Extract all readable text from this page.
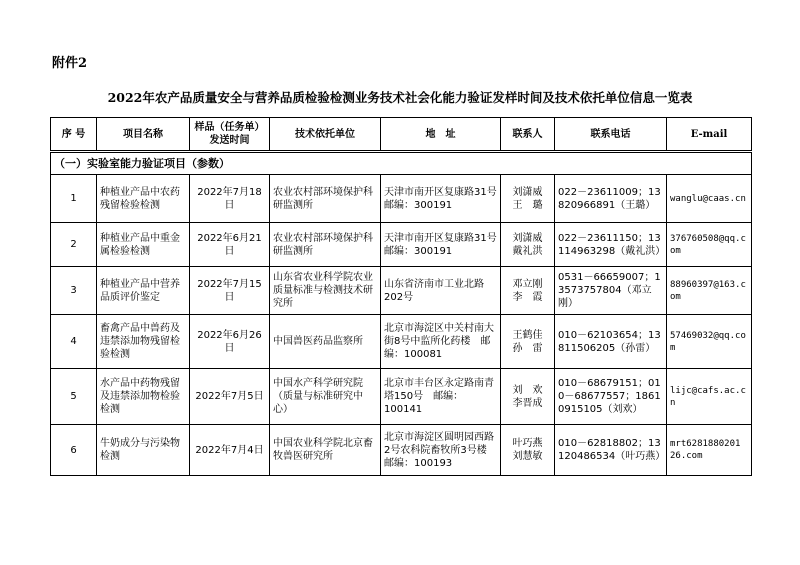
附件2
2022年农产品质量安全与营养品质检验检测业务技术社会化能力验证发样时间及技术依托单位信息一览表
序 号	项目名称	样品（任务单）发送时间	技术依托单位	地　址	联系人	联系电话	E-mail
（一）实验室能力验证项目（参数）							
1	种植业产品中农药残留检验检测	2022年7月18日	农业农村部环境保护科研监测所	天津市南开区复康路31号　邮编：300191	刘潇威　王　璐	022－23611009；13820966891（王璐）	wanglu@caas.cn
2	种植业产品中重金属检验检测	2022年6月21日	农业农村部环境保护科研监测所	天津市南开区复康路31号　邮编：300191	刘潇威　戴礼洪	022－23611150；13114963298（戴礼洪）	376760508@qq.com
3	种植业产品中营养品质评价鉴定	2022年7月15日	山东省农业科学院农业质量标准与检测技术研究所	山东省济南市工业北路202号	邓立刚　李　霞	0531－66659007；13573757804（邓立刚）	88960397@163.com
4	畜禽产品中兽药及违禁添加物残留检验检测	2022年6月26日	中国兽医药品监察所	北京市海淀区中关村南大街8号中监所化药楼　邮编：100081	王鹤佳　孙　雷	010－62103654；13811506205（孙雷）	57469032@qq.com
5	水产品中药物残留及违禁添加物检验检测	2022年7月5日	中国水产科学研究院（质量与标准研究中心）	北京市丰台区永定路南青塔150号　邮编：100141	刘　欢　李晋成	010－68679151；010－68677557；18610915105（刘欢）	lijc@cafs.ac.cn
6	牛奶成分与污染物检测	2022年7月4日	中国农业科学院北京畜牧兽医研究所	北京市海淀区圆明园西路2号农科院畜牧所3号楼　邮编：100193	叶巧燕　刘慧敏	010－62818802；13120486534（叶巧燕）	mrt6281880201 26.com
